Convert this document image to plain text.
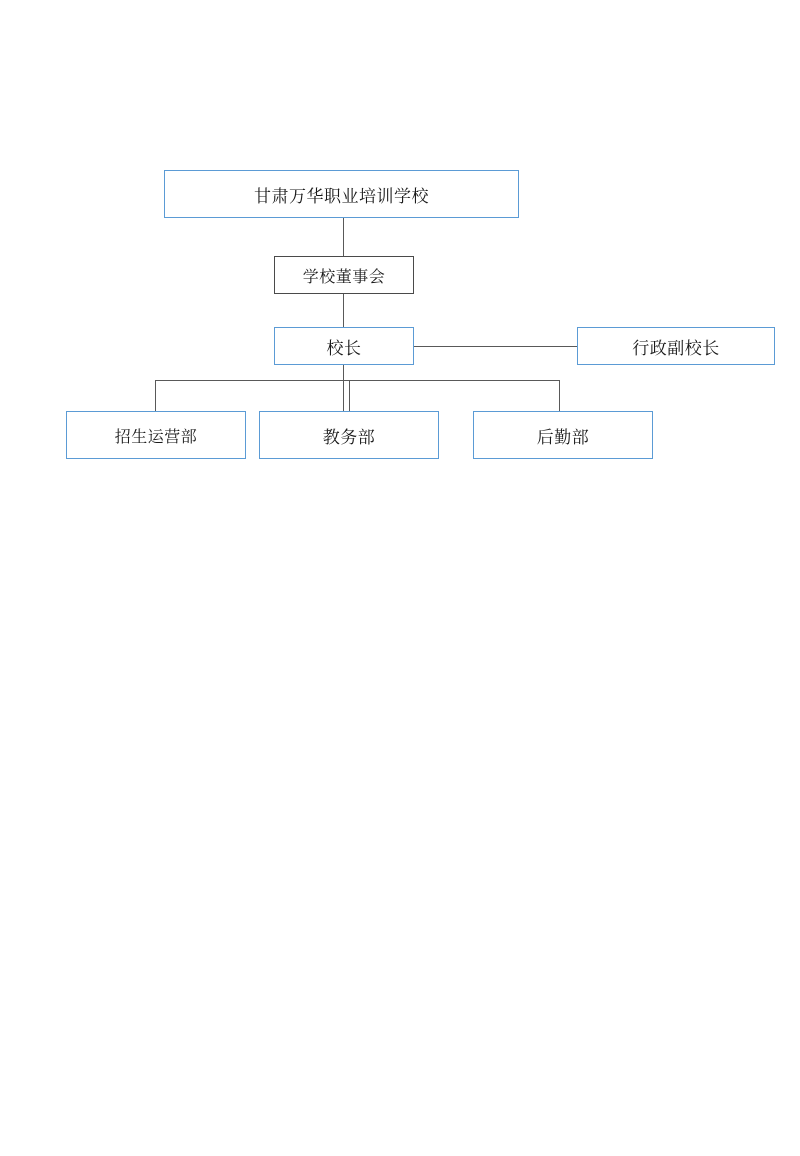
甘肃万华职业培训学校
学校董事会
校长	行政副校长
招生运营部	教务部	后勤部
